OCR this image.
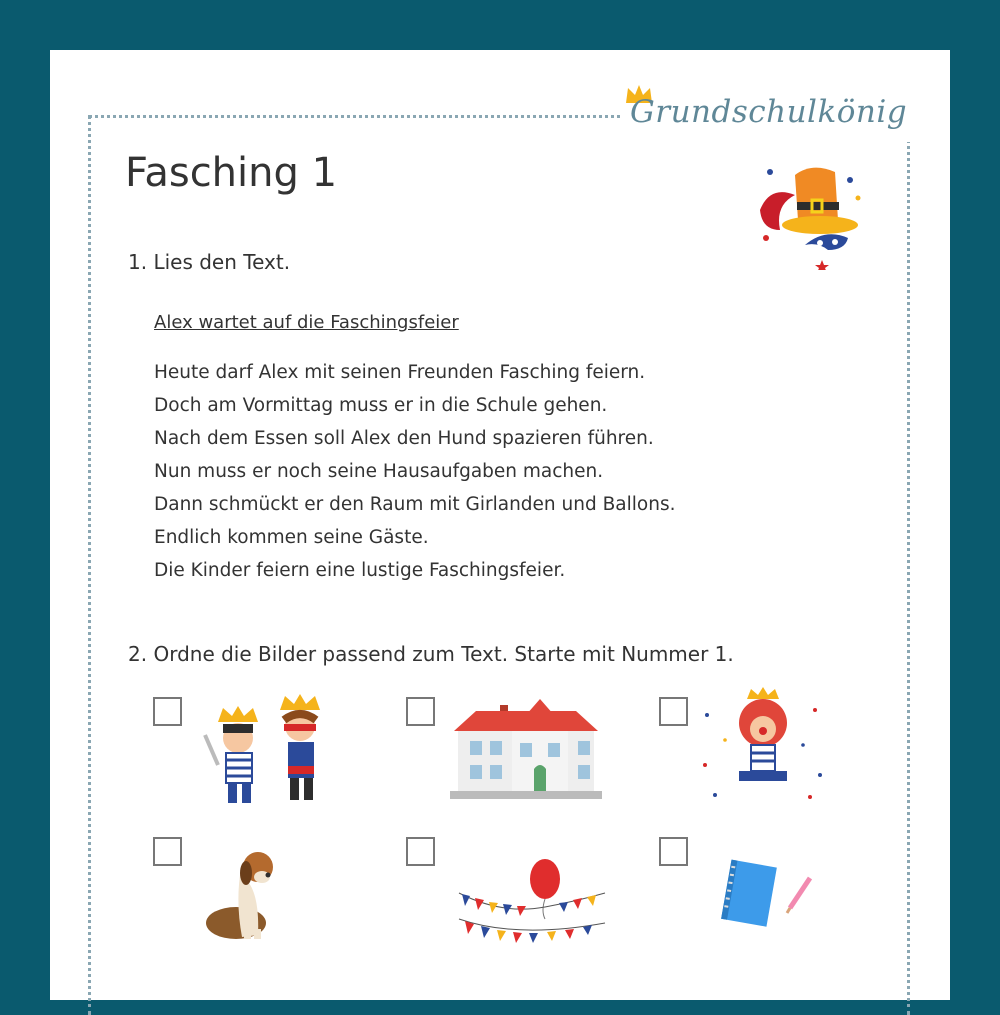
Grundschulkönig
Fasching 1
1. Lies den Text.
Alex wartet auf die Faschingsfeier
Heute darf Alex mit seinen Freunden Fasching feiern.
Doch am Vormittag muss er in die Schule gehen.
Nach dem Essen soll Alex den Hund spazieren führen.
Nun muss er noch seine Hausaufgaben machen.
Dann schmückt er den Raum mit Girlanden und Ballons.
Endlich kommen seine Gäste.
Die Kinder feiern eine lustige Faschingsfeier.
2. Ordne die Bilder passend zum Text. Starte mit Nummer 1.
